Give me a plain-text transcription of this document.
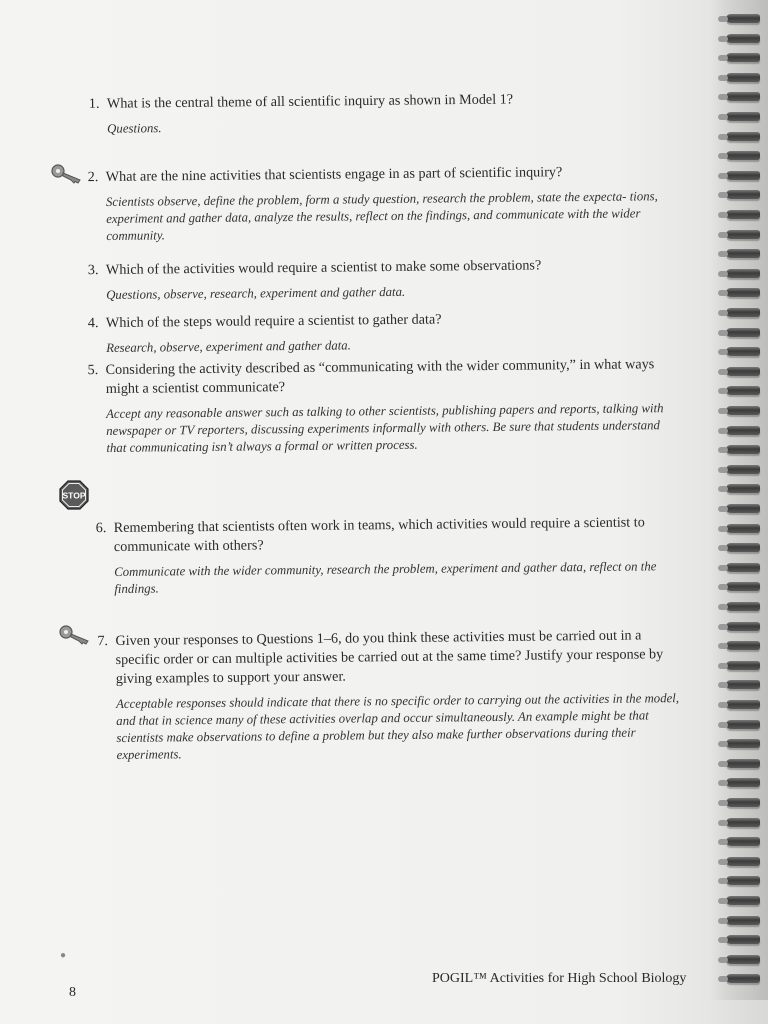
1. What is the central theme of all scientific inquiry as shown in Model 1?
Questions.
2. What are the nine activities that scientists engage in as part of scientific inquiry?
Scientists observe, define the problem, form a study question, research the problem, state the expecta- tions, experiment and gather data, analyze the results, reflect on the findings, and communicate with the wider community.
3. Which of the activities would require a scientist to make some observations?
Questions, observe, research, experiment and gather data.
4. Which of the steps would require a scientist to gather data?
Research, observe, experiment and gather data.
5. Considering the activity described as “communicating with the wider community,” in what ways might a scientist communicate?
Accept any reasonable answer such as talking to other scientists, publishing papers and reports, talking with newspaper or TV reporters, discussing experiments informally with others. Be sure that students understand that communicating isn’t always a formal or written process.
STOP
6. Remembering that scientists often work in teams, which activities would require a scientist to communicate with others?
Communicate with the wider community, research the problem, experiment and gather data, reflect on the findings.
7. Given your responses to Questions 1–6, do you think these activities must be carried out in a specific order or can multiple activities be carried out at the same time? Justify your response by giving examples to support your answer.
Acceptable responses should indicate that there is no specific order to carrying out the activities in the model, and that in science many of these activities overlap and occur simultaneously. An example might be that scientists make observations to define a problem but they also make further observations during their experiments.
●
8
POGIL™ Activities for High School Biology
